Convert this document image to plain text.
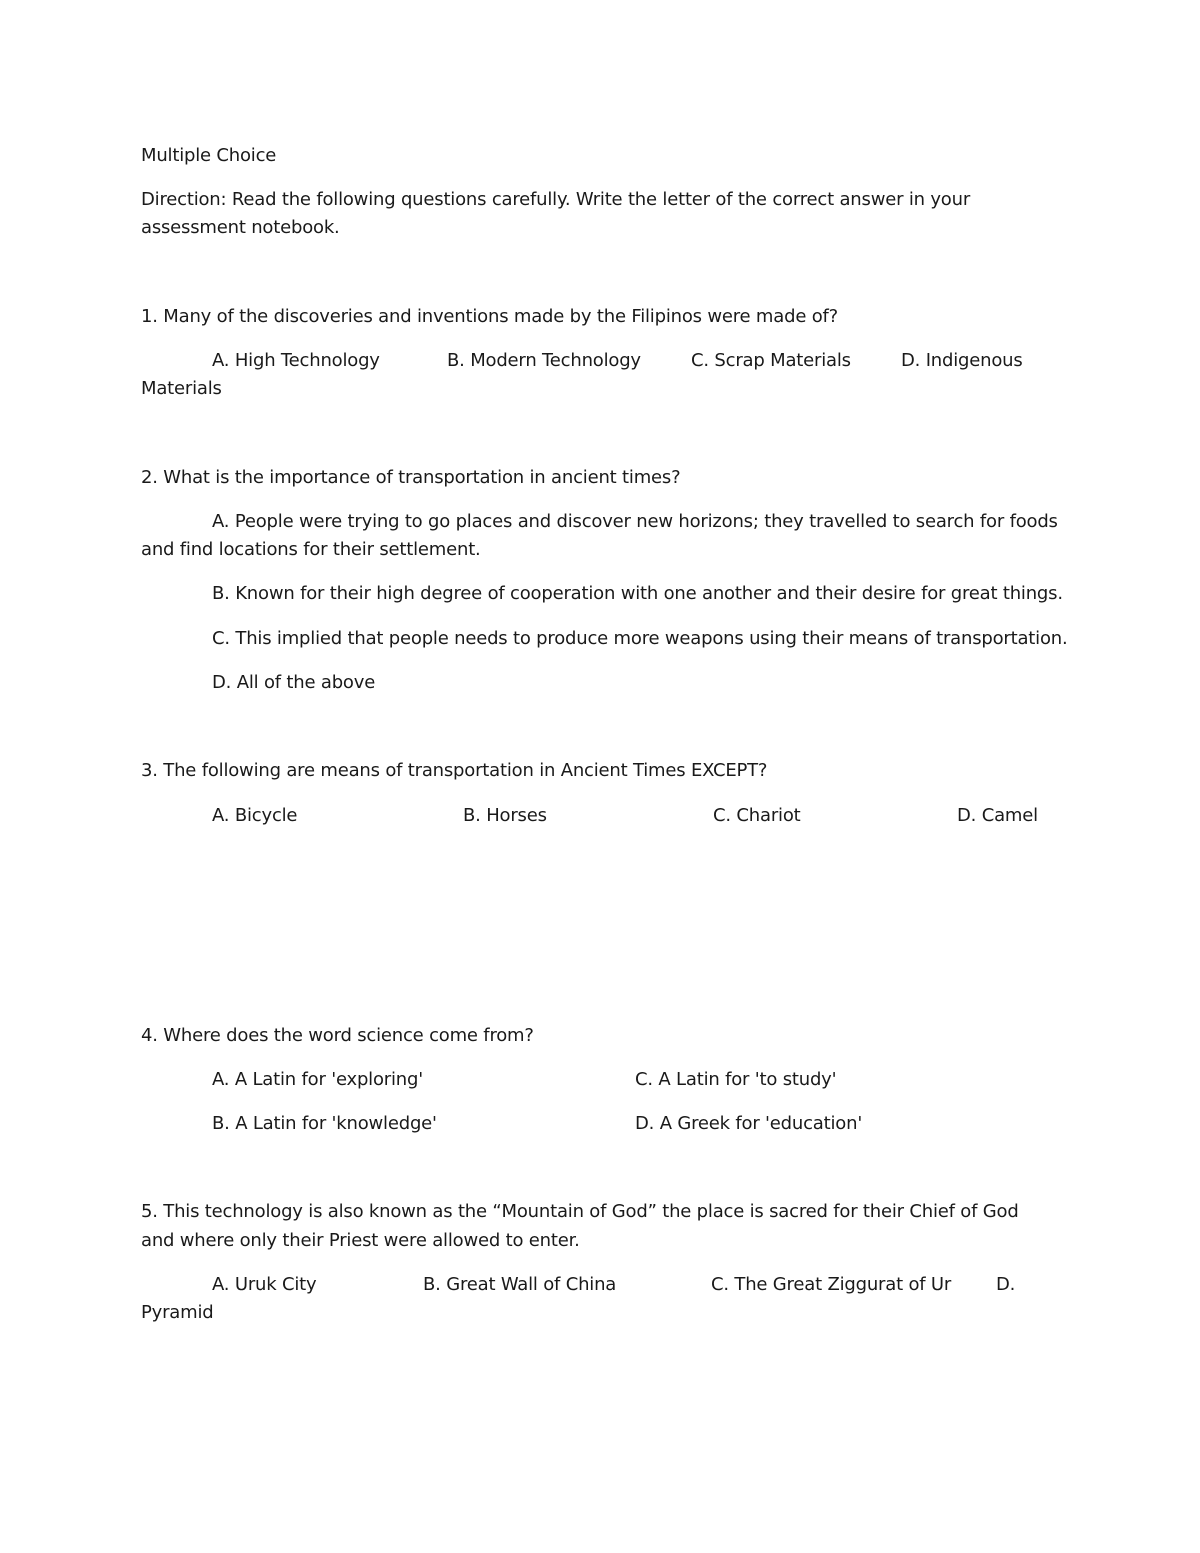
Multiple Choice
Direction: Read the following questions carefully. Write the letter of the correct answer in your
assessment notebook.
1. Many of the discoveries and inventions made by the Filipinos were made of?
A. High Technology	B. Modern Technology	C. Scrap Materials	D. Indigenous
Materials
2. What is the importance of transportation in ancient times?
A. People were trying to go places and discover new horizons; they travelled to search for foods
and find locations for their settlement.
B. Known for their high degree of cooperation with one another and their desire for great things.
C. This implied that people needs to produce more weapons using their means of transportation.
D. All of the above
3. The following are means of transportation in Ancient Times EXCEPT?
A. Bicycle	B. Horses	C. Chariot	D. Camel
4. Where does the word science come from?
A. A Latin for 'exploring'	C. A Latin for 'to study'
B. A Latin for 'knowledge'	D. A Greek for 'education'
5. This technology is also known as the “Mountain of God” the place is sacred for their Chief of God
and where only their Priest were allowed to enter.
A. Uruk City	B. Great Wall of China	C. The Great Ziggurat of Ur D.
Pyramid
